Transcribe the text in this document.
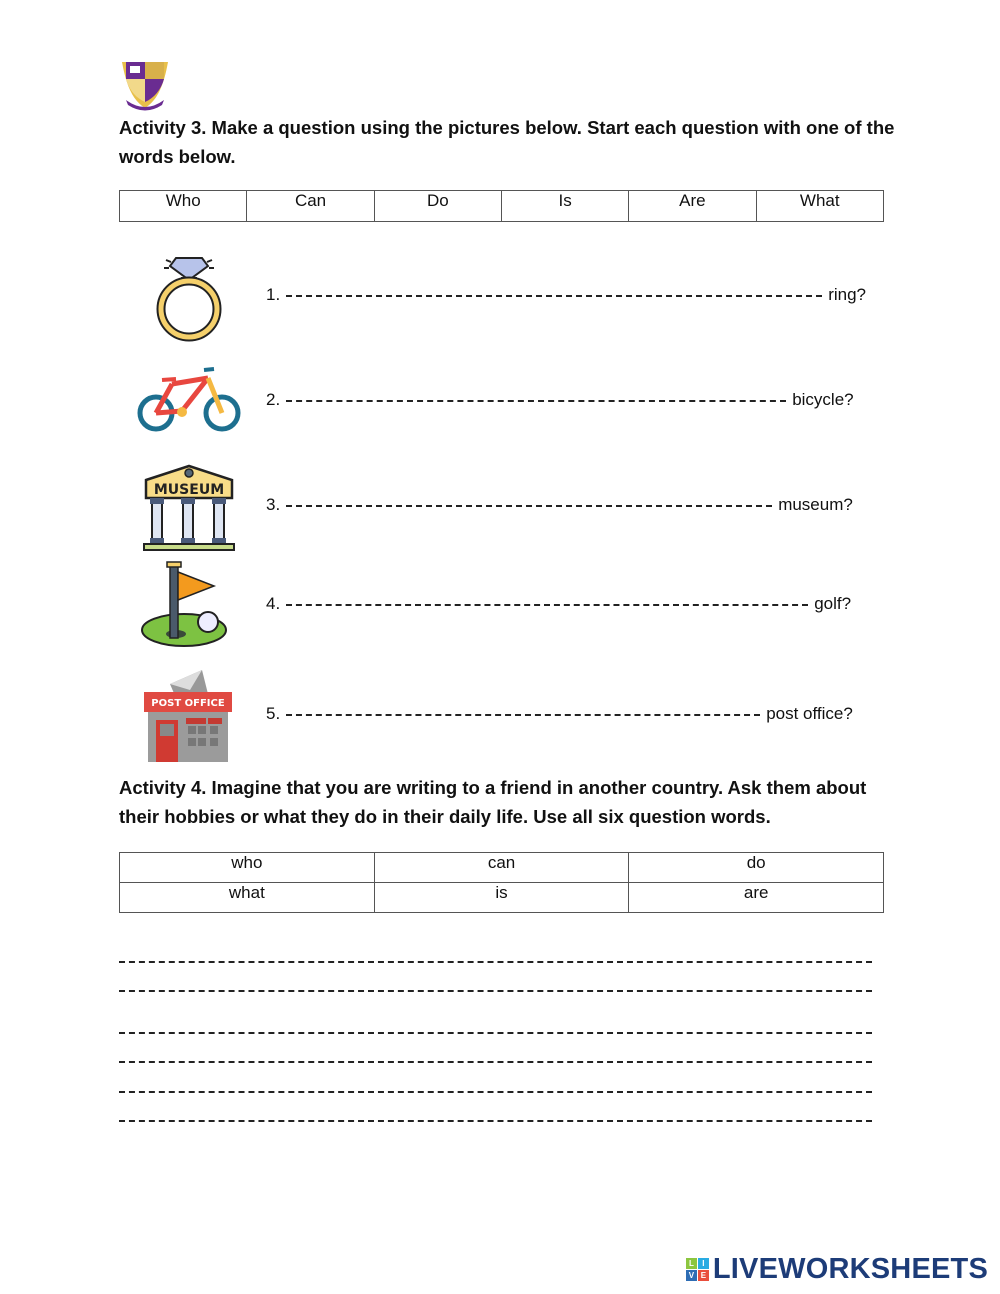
Activity 3. Make a question using the pictures below. Start each question with one of the words below.
Who	Can	Do	Is	Are	What
MUSEUM
POST OFFICE
1.	ring?
2.	bicycle?
3.	museum?
4.	golf?
5.	post office?
Activity 4. Imagine that you are writing to a friend in another country. Ask them about their hobbies or what they do in their daily life. Use all six question words.
who	can	do
what	is	are
L	I
V E LIVEWORKSHEETS
